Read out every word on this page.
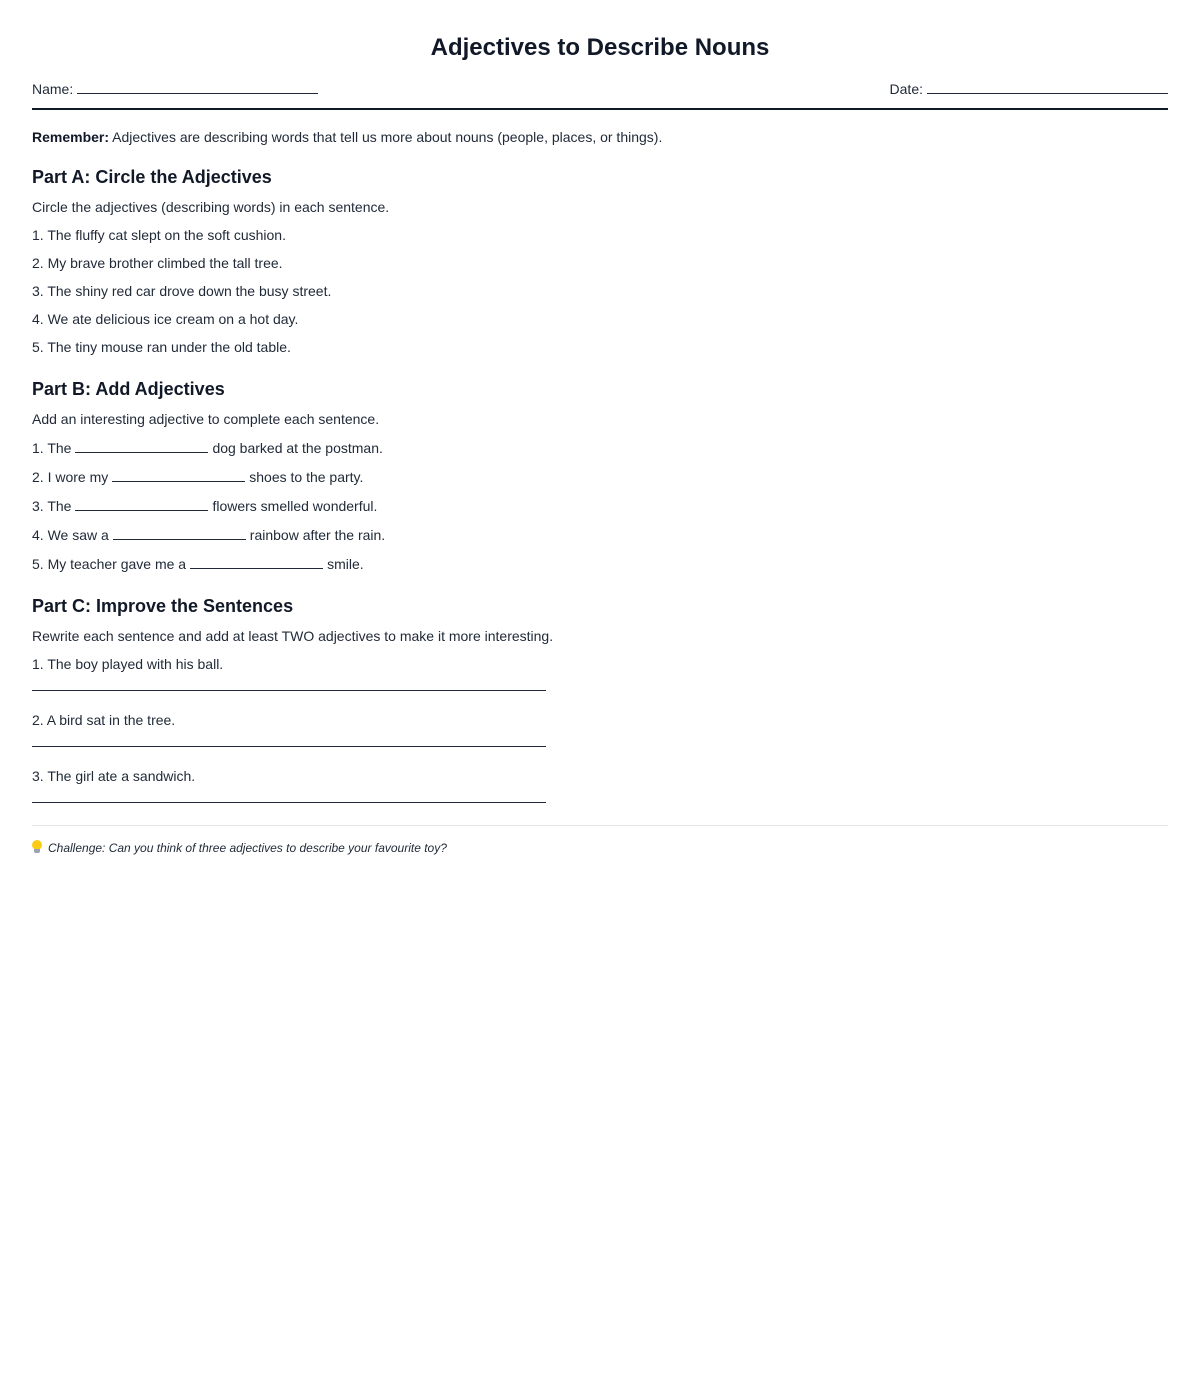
Adjectives to Describe Nouns
Name:	Date:

Remember: Adjectives are describing words that tell us more about nouns (people, places, or things).

Part A: Circle the Adjectives

Circle the adjectives (describing words) in each sentence.

1. The fluffy cat slept on the soft cushion.

2. My brave brother climbed the tall tree.

3. The shiny red car drove down the busy street.

4. We ate delicious ice cream on a hot day.

5. The tiny mouse ran under the old table.

Part B: Add Adjectives

Add an interesting adjective to complete each sentence.

1. The	dog barked at the postman.

2. I wore my	shoes to the party.

3. The	flowers smelled wonderful.

4. We saw a	rainbow after the rain.

5. My teacher gave me a	smile.

Part C: Improve the Sentences

Rewrite each sentence and add at least TWO adjectives to make it more interesting.

1. The boy played with his ball.

2. A bird sat in the tree.

3. The girl ate a sandwich.

Challenge: Can you think of three adjectives to describe your favourite toy?
